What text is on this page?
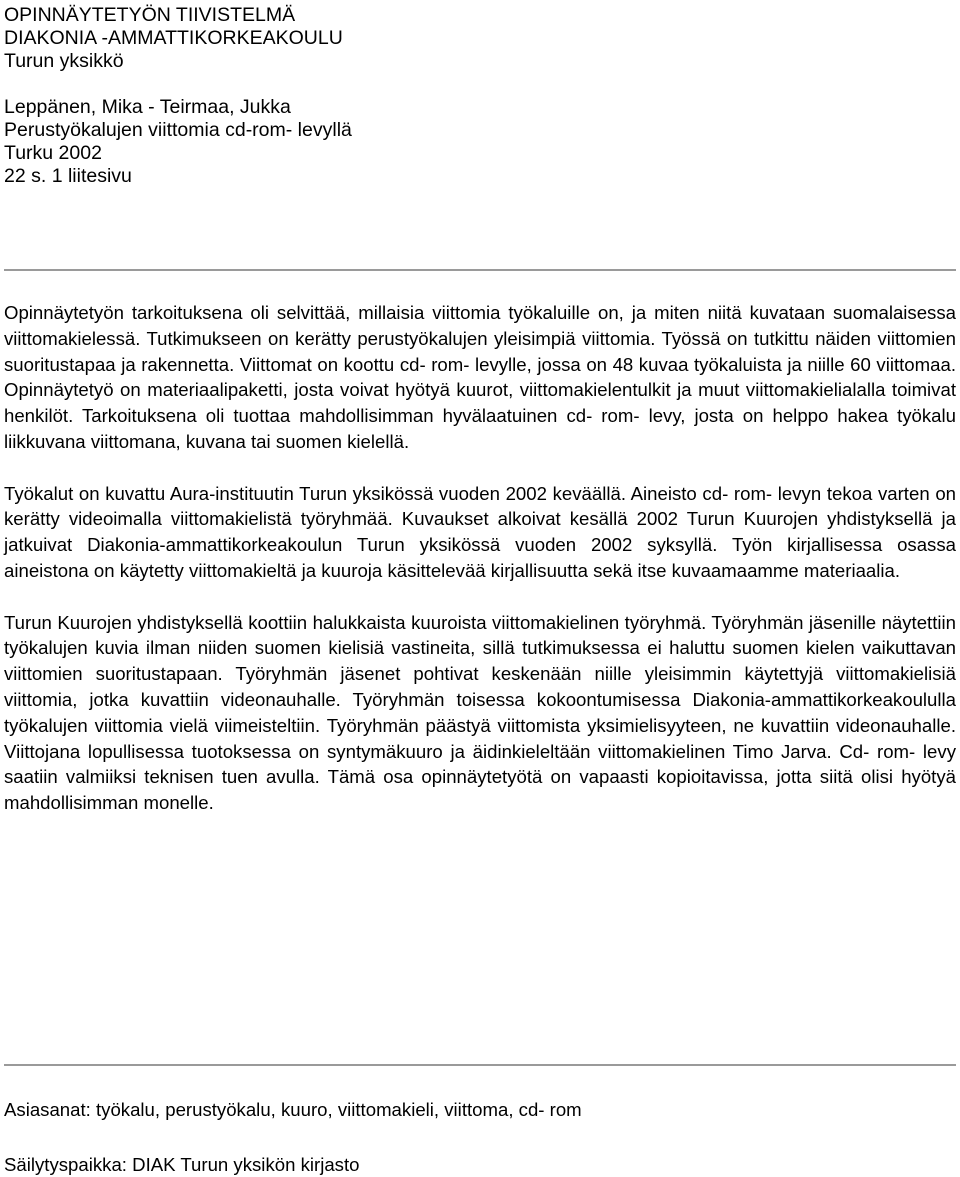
OPINNÄYTETYÖN TIIVISTELMÄ
DIAKONIA -AMMATTIKORKEAKOULU
Turun yksikkö
Leppänen, Mika - Teirmaa, Jukka
Perustyökalujen viittomia cd-rom- levyllä
Turku 2002
22 s. 1 liitesivu

Opinnäytetyön tarkoituksena oli selvittää, millaisia viittomia työkaluille on, ja miten niitä kuvataan suomalaisessa viittomakielessä. Tutkimukseen on kerätty perustyökalujen yleisimpiä viittomia. Työssä on tutkittu näiden viittomien suoritustapaa ja rakennetta. Viittomat on koottu cd- rom- levylle, jossa on 48 kuvaa työkaluista ja niille 60 viittomaa. Opinnäytetyö on materiaalipaketti, josta voivat hyötyä kuurot, viittomakielentulkit ja muut viittomakielialalla toimivat henkilöt. Tarkoituksena oli tuottaa mahdollisimman hyvälaatuinen cd- rom- levy, josta on helppo hakea työkalu liikkuvana viittomana, kuvana tai suomen kielellä.

Työkalut on kuvattu Aura-instituutin Turun yksikössä vuoden 2002 keväällä. Aineisto cd- rom- levyn tekoa varten on kerätty videoimalla viittomakielistä työryhmää. Kuvaukset alkoivat kesällä 2002 Turun Kuurojen yhdistyksellä ja jatkuivat Diakonia-ammattikorkeakoulun Turun yksikössä vuoden 2002 syksyllä. Työn kirjallisessa osassa aineistona on käytetty viittomakieltä ja kuuroja käsittelevää kirjallisuutta sekä itse kuvaamaamme materiaalia.

Turun Kuurojen yhdistyksellä koottiin halukkaista kuuroista viittomakielinen työryhmä. Työryhmän jäsenille näytettiin työkalujen kuvia ilman niiden suomen kielisiä vastineita, sillä tutkimuksessa ei haluttu suomen kielen vaikuttavan viittomien suoritustapaan. Työryhmän jäsenet pohtivat keskenään niille yleisimmin käytettyjä viittomakielisiä viittomia, jotka kuvattiin videonauhalle. Työryhmän toisessa kokoontumisessa Diakonia-ammattikorkeakoululla työkalujen viittomia vielä viimeisteltiin. Työryhmän päästyä viittomista yksimielisyyteen, ne kuvattiin videonauhalle. Viittojana lopullisessa tuotoksessa on syntymäkuuro ja äidinkieleltään viittomakielinen Timo Jarva. Cd- rom- levy saatiin valmiiksi teknisen tuen avulla. Tämä osa opinnäytetyötä on vapaasti kopioitavissa, jotta siitä olisi hyötyä mahdollisimman monelle.

Asiasanat: työkalu, perustyökalu, kuuro, viittomakieli, viittoma, cd- rom
Säilytyspaikka: DIAK Turun yksikön kirjasto
